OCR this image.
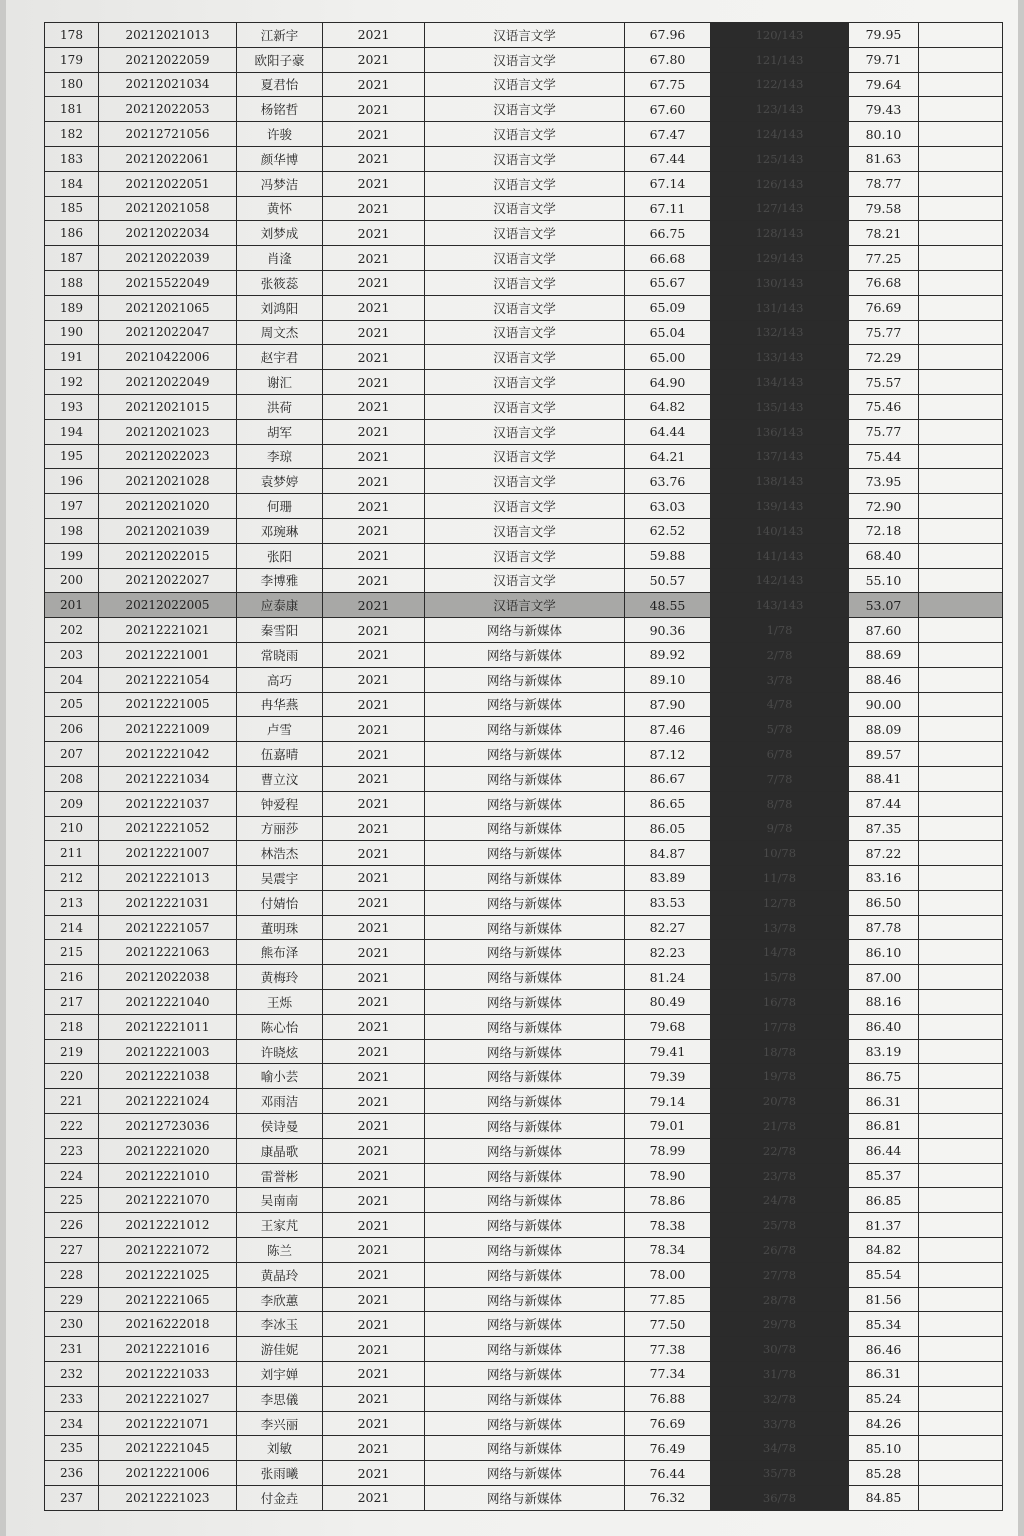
178	20212021013	江新宇	2021	汉语言文学	67.96	120/143	79.95	
179	20212022059	欧阳子豪	2021	汉语言文学	67.80	121/143	79.71	
180	20212021034	夏君怡	2021	汉语言文学	67.75	122/143	79.64	
181	20212022053	杨铭哲	2021	汉语言文学	67.60	123/143	79.43	
182	20212721056	许骏	2021	汉语言文学	67.47	124/143	80.10	
183	20212022061	颜华博	2021	汉语言文学	67.44	125/143	81.63	
184	20212022051	冯梦洁	2021	汉语言文学	67.14	126/143	78.77	
185	20212021058	黄怀	2021	汉语言文学	67.11	127/143	79.58	
186	20212022034	刘梦成	2021	汉语言文学	66.75	128/143	78.21	
187	20212022039	肖湰	2021	汉语言文学	66.68	129/143	77.25	
188	20215522049	张筱蕊	2021	汉语言文学	65.67	130/143	76.68	
189	20212021065	刘鸿阳	2021	汉语言文学	65.09	131/143	76.69	
190	20212022047	周文杰	2021	汉语言文学	65.04	132/143	75.77	
191	20210422006	赵宇君	2021	汉语言文学	65.00	133/143	72.29	
192	20212022049	谢汇	2021	汉语言文学	64.90	134/143	75.57	
193	20212021015	洪荷	2021	汉语言文学	64.82	135/143	75.46	
194	20212021023	胡军	2021	汉语言文学	64.44	136/143	75.77	
195	20212022023	李琼	2021	汉语言文学	64.21	137/143	75.44	
196	20212021028	袁梦婷	2021	汉语言文学	63.76	138/143	73.95	
197	20212021020	何珊	2021	汉语言文学	63.03	139/143	72.90	
198	20212021039	邓琬琳	2021	汉语言文学	62.52	140/143	72.18	
199	20212022015	张阳	2021	汉语言文学	59.88	141/143	68.40	
200	20212022027	李博雅	2021	汉语言文学	50.57	142/143	55.10	
201	20212022005	应泰康	2021	汉语言文学	48.55	143/143	53.07	
202	20212221021	秦雪阳	2021	网络与新媒体	90.36	1/78	87.60	
203	20212221001	常晓雨	2021	网络与新媒体	89.92	2/78	88.69	
204	20212221054	高巧	2021	网络与新媒体	89.10	3/78	88.46	
205	20212221005	冉华燕	2021	网络与新媒体	87.90	4/78	90.00	
206	20212221009	卢雪	2021	网络与新媒体	87.46	5/78	88.09	
207	20212221042	伍嘉晴	2021	网络与新媒体	87.12	6/78	89.57	
208	20212221034	曹立汶	2021	网络与新媒体	86.67	7/78	88.41	
209	20212221037	钟爱程	2021	网络与新媒体	86.65	8/78	87.44	
210	20212221052	方丽莎	2021	网络与新媒体	86.05	9/78	87.35	
211	20212221007	林浩杰	2021	网络与新媒体	84.87	10/78	87.22	
212	20212221013	吴震宇	2021	网络与新媒体	83.89	11/78	83.16	
213	20212221031	付婧怡	2021	网络与新媒体	83.53	12/78	86.50	
214	20212221057	董明珠	2021	网络与新媒体	82.27	13/78	87.78	
215	20212221063	熊布泽	2021	网络与新媒体	82.23	14/78	86.10	
216	20212022038	黄梅玲	2021	网络与新媒体	81.24	15/78	87.00	
217	20212221040	王烁	2021	网络与新媒体	80.49	16/78	88.16	
218	20212221011	陈心怡	2021	网络与新媒体	79.68	17/78	86.40	
219	20212221003	许晓炫	2021	网络与新媒体	79.41	18/78	83.19	
220	20212221038	喻小芸	2021	网络与新媒体	79.39	19/78	86.75	
221	20212221024	邓雨洁	2021	网络与新媒体	79.14	20/78	86.31	
222	20212723036	侯诗曼	2021	网络与新媒体	79.01	21/78	86.81	
223	20212221020	康晶歌	2021	网络与新媒体	78.99	22/78	86.44	
224	20212221010	雷誉彬	2021	网络与新媒体	78.90	23/78	85.37	
225	20212221070	吴南南	2021	网络与新媒体	78.86	24/78	86.85	
226	20212221012	王家芃	2021	网络与新媒体	78.38	25/78	81.37	
227	20212221072	陈兰	2021	网络与新媒体	78.34	26/78	84.82	
228	20212221025	黄晶玲	2021	网络与新媒体	78.00	27/78	85.54	
229	20212221065	李欣蕙	2021	网络与新媒体	77.85	28/78	81.56	
230	20216222018	李冰玉	2021	网络与新媒体	77.50	29/78	85.34	
231	20212221016	游佳妮	2021	网络与新媒体	77.38	30/78	86.46	
232	20212221033	刘宇婵	2021	网络与新媒体	77.34	31/78	86.31	
233	20212221027	李思儀	2021	网络与新媒体	76.88	32/78	85.24	
234	20212221071	李兴丽	2021	网络与新媒体	76.69	33/78	84.26	
235	20212221045	刘敏	2021	网络与新媒体	76.49	34/78	85.10	
236	20212221006	张雨曦	2021	网络与新媒体	76.44	35/78	85.28	
237	20212221023	付金垚	2021	网络与新媒体	76.32	36/78	84.85	
